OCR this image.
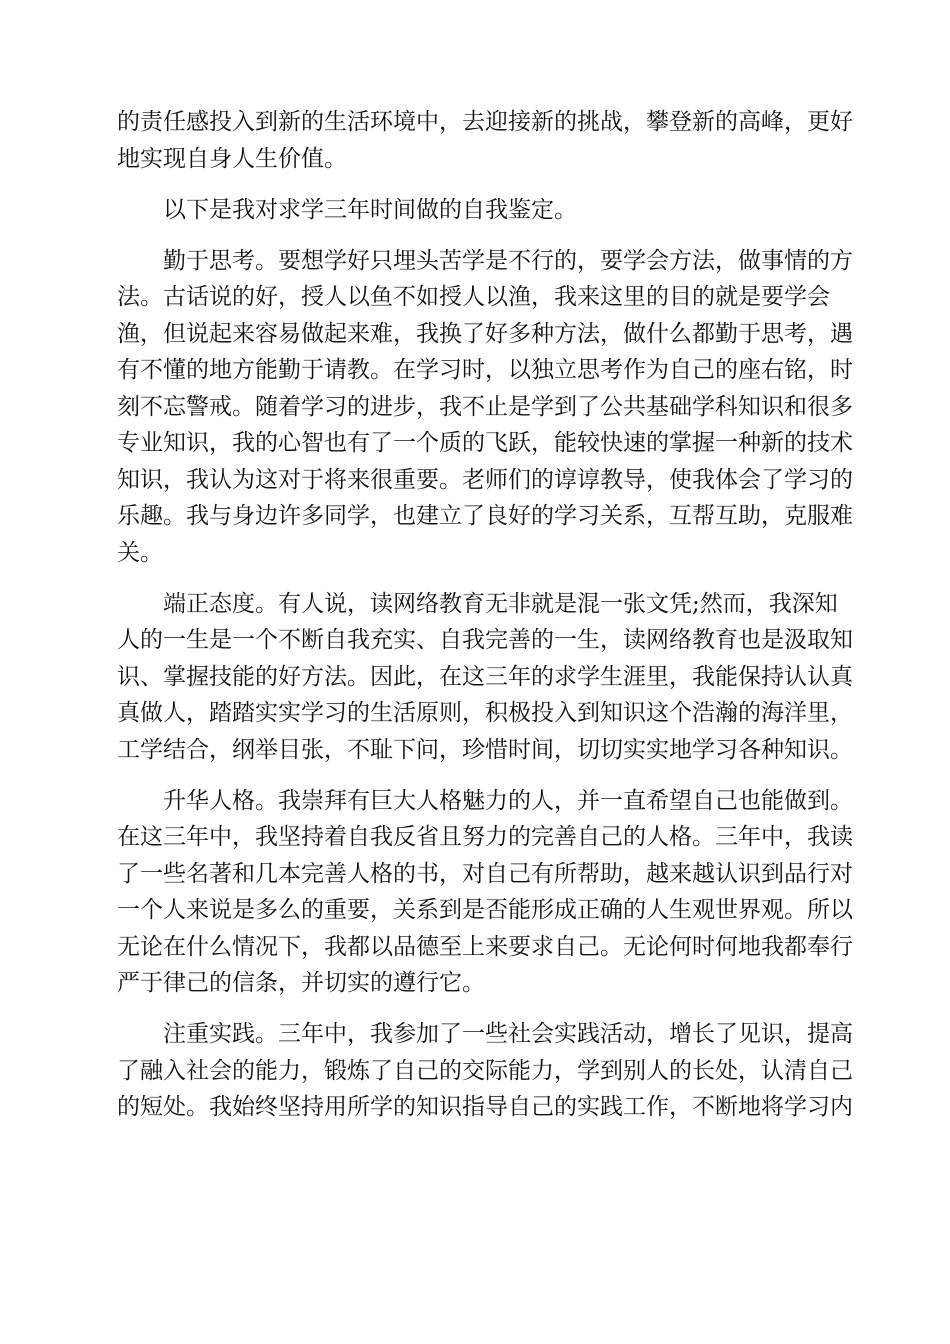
的责任感投入到新的生活环境中，去迎接新的挑战，攀登新的高峰，更好
地实现自身人生价值。

以下是我对求学三年时间做的自我鉴定。

勤于思考。要想学好只埋头苦学是不行的，要学会方法，做事情的方
法。古话说的好，授人以鱼不如授人以渔，我来这里的目的就是要学会
渔，但说起来容易做起来难，我换了好多种方法，做什么都勤于思考，遇
有不懂的地方能勤于请教。在学习时，以独立思考作为自己的座右铭，时
刻不忘警戒。随着学习的进步，我不止是学到了公共基础学科知识和很多
专业知识，我的心智也有了一个质的飞跃，能较快速的掌握一种新的技术
知识，我认为这对于将来很重要。老师们的谆谆教导，使我体会了学习的
乐趣。我与身边许多同学，也建立了良好的学习关系，互帮互助，克服难
关。

端正态度。有人说，读网络教育无非就是混一张文凭;然而，我深知
人的一生是一个不断自我充实、自我完善的一生，读网络教育也是汲取知
识、掌握技能的好方法。因此，在这三年的求学生涯里，我能保持认认真
真做人，踏踏实实学习的生活原则，积极投入到知识这个浩瀚的海洋里，
工学结合，纲举目张，不耻下问，珍惜时间，切切实实地学习各种知识。

升华人格。我崇拜有巨大人格魅力的人，并一直希望自己也能做到。
在这三年中，我坚持着自我反省且努力的完善自己的人格。三年中，我读
了一些名著和几本完善人格的书，对自己有所帮助，越来越认识到品行对
一个人来说是多么的重要，关系到是否能形成正确的人生观世界观。所以
无论在什么情况下，我都以品德至上来要求自己。无论何时何地我都奉行
严于律己的信条，并切实的遵行它。

注重实践。三年中，我参加了一些社会实践活动，增长了见识，提高
了融入社会的能力，锻炼了自己的交际能力，学到别人的长处，认清自己
的短处。我始终坚持用所学的知识指导自己的实践工作，不断地将学习内
